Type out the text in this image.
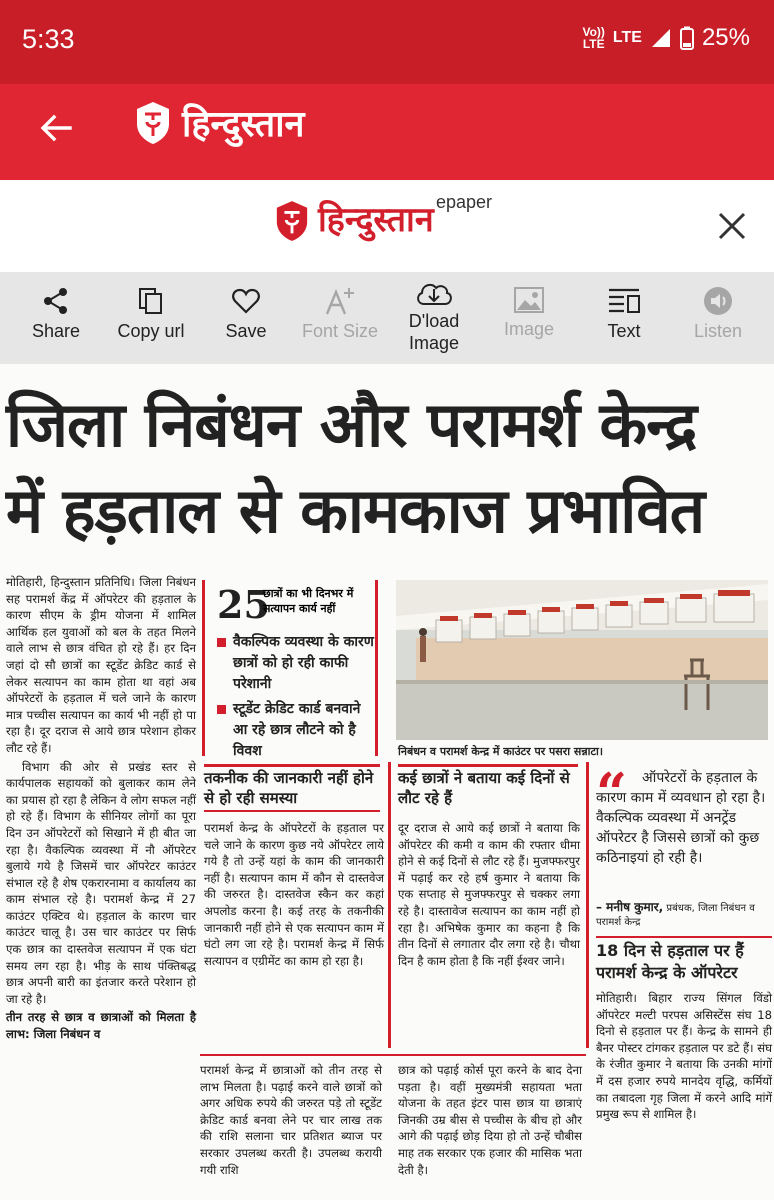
5:33	Vo))
LTE LTE	25%
हिन्दुस्तान
हिन्दुस्तान epaper
Share	Copy url	Save	Font Size	D'load
Image
Image	Text	Listen
जिला निबंधन और परामर्श केन्द्र
में हड़ताल से कामकाज प्रभावित

मोतिहारी, हिन्दुस्तान प्रतिनिधि। जिला निबंधन सह परामर्श केंद्र में ऑपरेटर की हड़ताल के कारण सीएम के ड्रीम योजना में शामिल आर्थिक हल युवाओं को बल के तहत मिलने वाले लाभ से छात्र वंचित हो रहे हैं। हर दिन जहां दो सौ छात्रों का स्टूडेंट क्रेडिट कार्ड से लेकर सत्यापन का काम होता था वहां अब ऑपरेटरों के हड़ताल में चले जाने के कारण मात्र पच्चीस सत्यापन का कार्य भी नहीं हो पा रहा है। दूर दराज से आये छात्र परेशान होकर लौट रहे हैं।

विभाग की ओर से प्रखंड स्तर से कार्यपालक सहायकों को बुलाकर काम लेने का प्रयास हो रहा है लेकिन वे लोग सफल नहीं हो रहे हैं। विभाग के सीनियर लोगों का पूरा दिन उन ऑपरेटरों को सिखाने में ही बीत जा रहा है। वैकल्पिक व्यवस्था में नौ ऑपरेटर बुलाये गये है जिसमें चार ऑपरेटर काउंटर संभाल रहे है शेष एकरारनामा व कार्यालय का काम संभाल रहे है। परामर्श केन्द्र में 27 काउंटर एक्टिव थे। हड़ताल के कारण चार काउंटर चालू है। उस चार काउंटर पर सिर्फ एक छात्र का दास्तवेज सत्यापन में एक घंटा समय लग रहा है। भीड़ के साथ पंक्तिबद्ध छात्र अपनी बारी का इंतजार करते परेशान हो जा रहे है।

तीन तरह से छात्र व छात्राओं को मिलता है लाभ: जिला निबंधन व

25
छात्रों का भी दिनभर में सत्यापन कार्य नहीं
वैकल्पिक व्यवस्था के कारण छात्रों को हो रही काफी परेशानी
स्टूडेंट क्रेडिट कार्ड बनवाने आ रहे छात्र लौटने को है विवश	निबंधन व परामर्श केन्द्र में काउंटर पर पसरा सन्नाटा।
तकनीक की जानकारी नहीं होने से हो रही समस्या
परामर्श केन्द्र के ऑपरेटरों के हड़ताल पर चले जाने के कारण कुछ नये ऑपरेटर लाये गये है तो उन्हें यहां के काम की जानकारी नहीं है। सत्यापन काम में कौन से दास्तवेज की जरुरत है। दास्तवेज स्कैन कर कहां अपलोड करना है। कई तरह के तकनीकी जानकारी नहीं होने से एक सत्यापन काम में घंटो लग जा रहे है। परामर्श केन्द्र में सिर्फ सत्यापन व एग्रीमेंट का काम हो रहा है।
कई छात्रों ने बताया कई दिनों से लौट रहे हैं
दूर दराज से आये कई छात्रों ने बताया कि ऑपरेटर की कमी व काम की रफ्तार धीमा होने से कई दिनों से लौट रहे हैं। मुजफ्फरपुर में पढ़ाई कर रहे हर्ष कुमार ने बताया कि एक सप्ताह से मुजफ्फरपुर से चक्कर लगा रहे है। दास्तावेज सत्यापन का काम नहीं हो रहा है। अभिषेक कुमार का कहना है कि तीन दिनों से लगातार दौर लगा रहे है। चौथा दिन है काम होता है कि नहीं ईश्वर जाने।
“	ऑपरेटरों के हड़ताल के कारण काम में व्यवधान हो रहा है। वैकल्पिक व्यवस्था में अनट्रेंड ऑपरेटर है जिससे छात्रों को कुछ कठिनाइयां हो रही है।
– मनीष कुमार, प्रबंधक, जिला निबंधन व परामर्श केन्द्र
18 दिन से हड़ताल पर हैं परामर्श केन्द्र के ऑपरेटर
मोतिहारी। बिहार राज्य सिंगल विंडो ऑपरेटर मल्टी परपस असिस्टेंस संघ 18 दिनो से हड़ताल पर हैं। केन्द्र के सामने ही बैनर पोस्टर टांगकर हड़ताल पर डटे हैं। संघ के रंजीत कुमार ने बताया कि उनकी मांगों में दस हजार रुपये मानदेय वृद्धि, कर्मियों का तबादला गृह जिला में करने आदि मांगें प्रमुख रूप से शामिल है।
परामर्श केन्द्र में छात्राओं को तीन तरह से लाभ मिलता है। पढ़ाई करने वाले छात्रों को अगर अधिक रुपये की जरुरत पड़े तो स्टूडेंट क्रेडिट कार्ड बनवा लेने पर चार लाख तक की राशि सलाना चार प्रतिशत ब्याज पर सरकार उपलब्ध करती है। उपलब्ध करायी गयी राशि
छात्र को पढ़ाई कोर्स पूरा करने के बाद देना पड़ता है। वहीं मुख्यमंत्री सहायता भता योजना के तहत इंटर पास छात्र या छात्राएं जिनकी उम्र बीस से पच्चीस के बीच हो और आगे की पढ़ाई छोड़ दिया हो तो उन्हें चौबीस माह तक सरकार एक हजार की मासिक भता देती है।
